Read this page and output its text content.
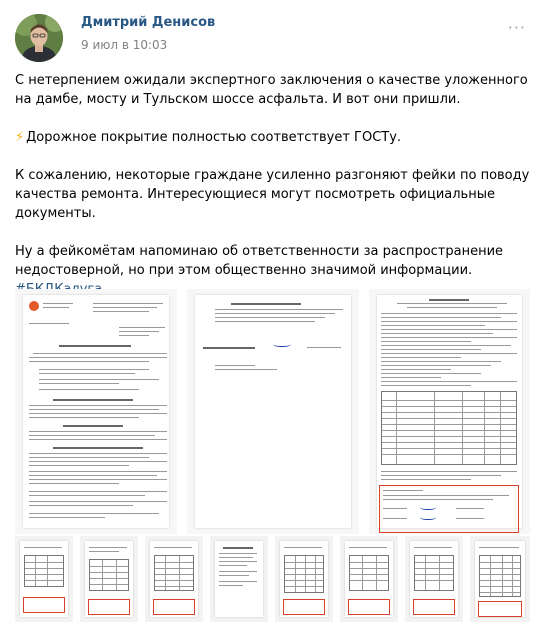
Дмитрий Денисов
9 июл в 10:03
···

С нетерпением ожидали экспертного заключения о качестве уложенного на дамбе, мосту и Тульском шоссе асфальта. И вот они пришли.

⚡ Дорожное покрытие полностью соответствует ГОСТу.

К сожалению, некоторые граждане усиленно разгоняют фейки по поводу качества ремонта. Интересующиеся могут посмотреть официальные документы.

Ну а фейкомётам напоминаю об ответственности за распространение недостоверной, но при этом общественно значимой информации.
